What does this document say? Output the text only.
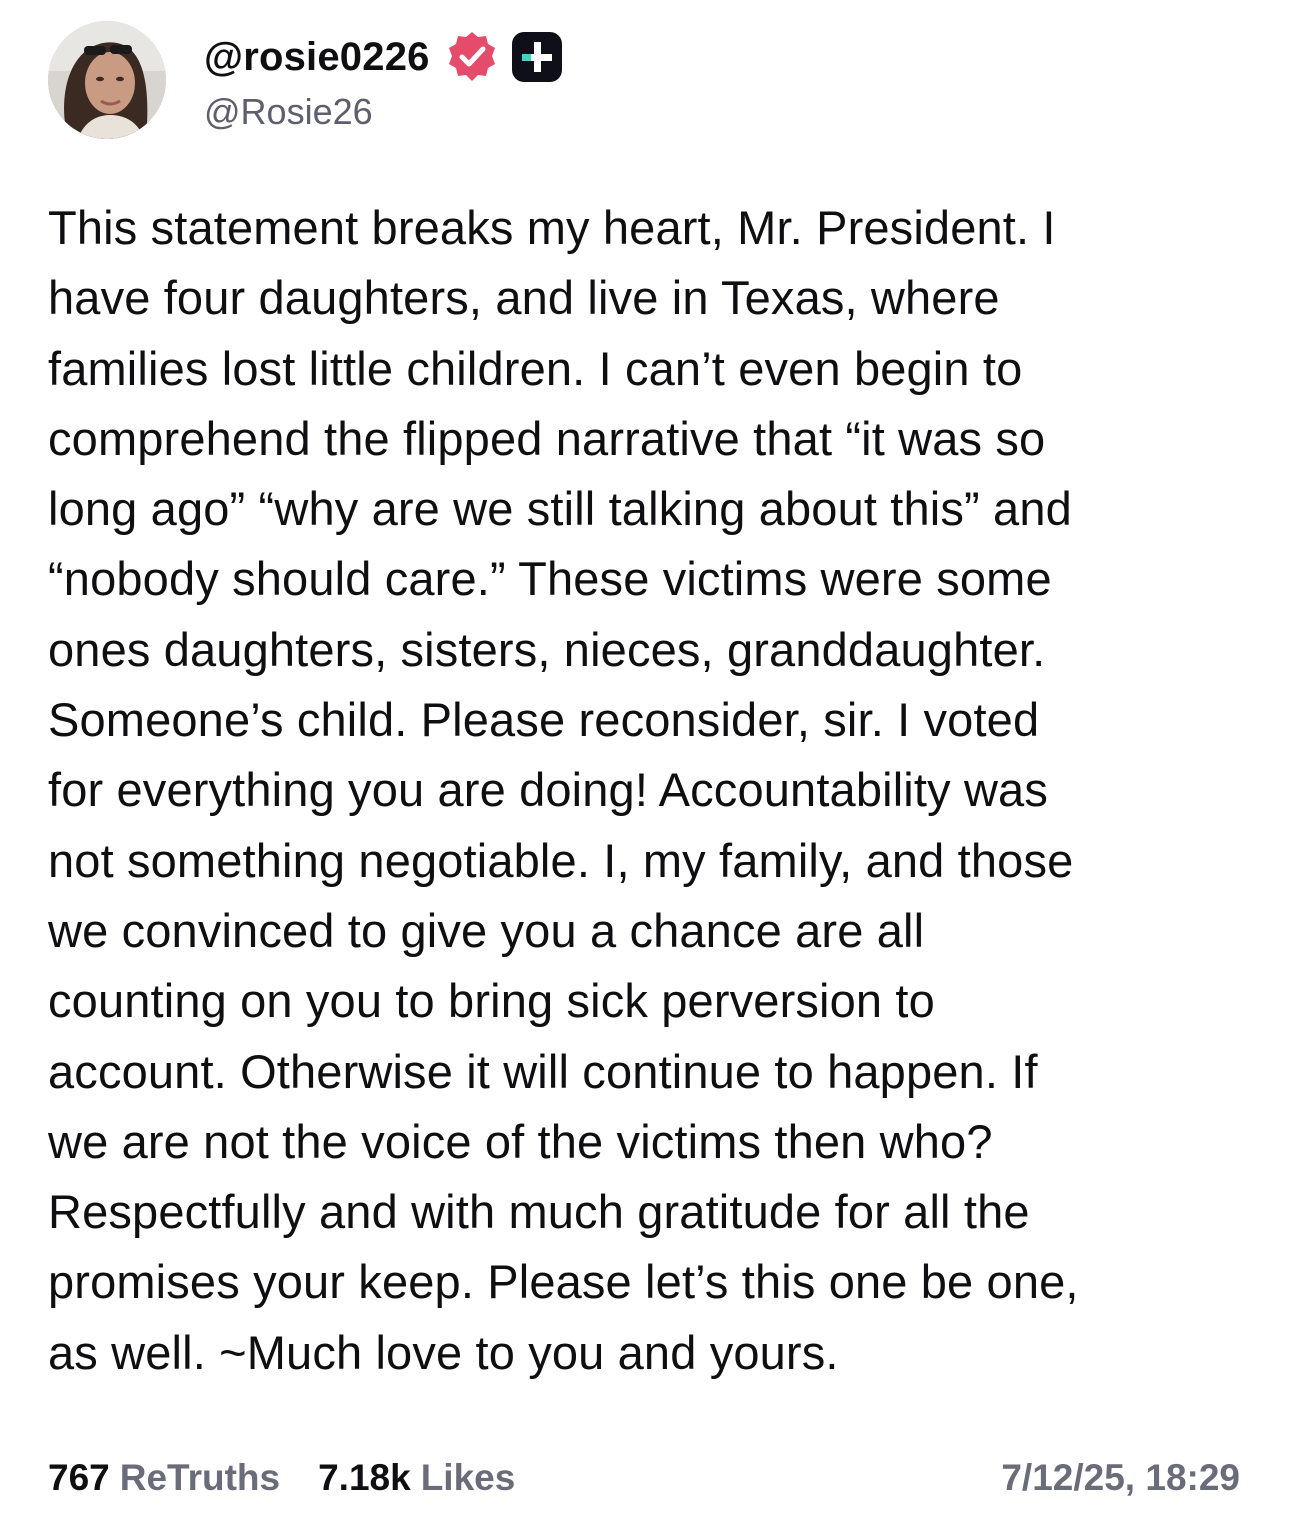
@rosie0226
@Rosie26
This statement breaks my heart, Mr. President. I
have four daughters, and live in Texas, where
families lost little children. I can’t even begin to
comprehend the flipped narrative that “it was so
long ago” “why are we still talking about this” and
“nobody should care.” These victims were some
ones daughters, sisters, nieces, granddaughter.
Someone’s child. Please reconsider, sir. I voted
for everything you are doing! Accountability was
not something negotiable. I, my family, and those
we convinced to give you a chance are all
counting on you to bring sick perversion to
account. Otherwise it will continue to happen. If
we are not the voice of the victims then who?
Respectfully and with much gratitude for all the
promises your keep. Please let’s this one be one,
as well. ~Much love to you and yours.
767 ReTruths 7.18k Likes	7/12/25, 18:29
